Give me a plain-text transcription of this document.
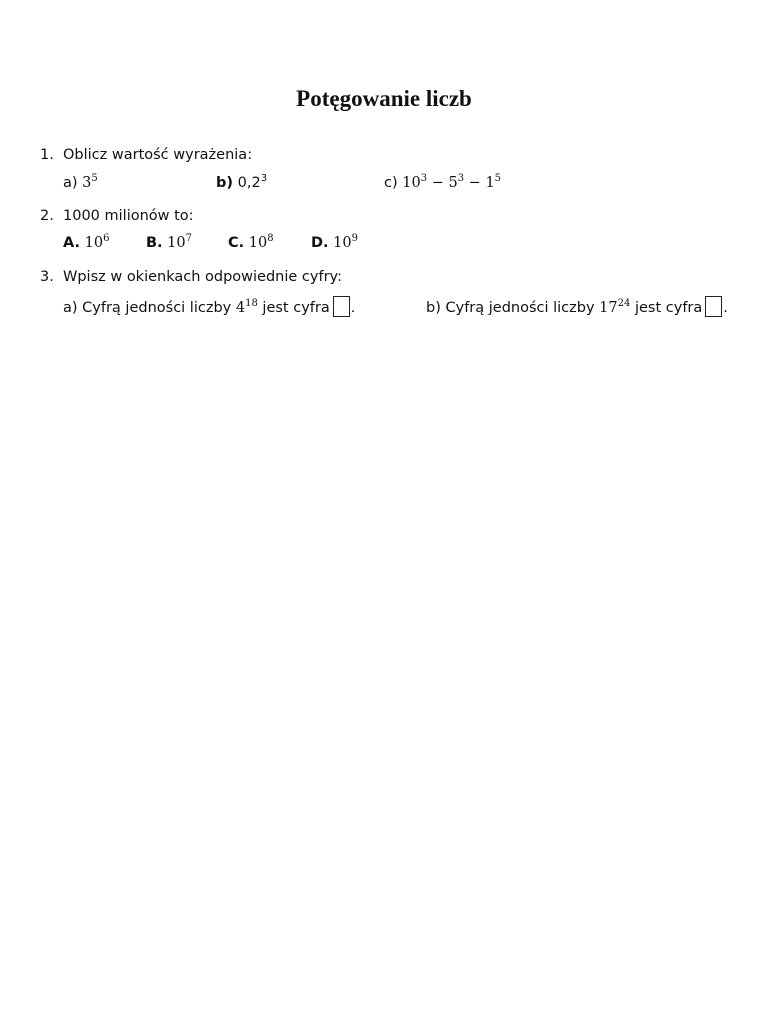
Potęgowanie liczb
1. Oblicz wartość wyrażenia:
a) $3^5$	b) $0,2^3$	c) $10^3 - 5^3 - 1^5$
2. 1000 milionów to:
A. $10^6$	B. $10^7$ C. $10^8$	D. $10^9$
3. Wpisz w okienkach odpowiednie cyfry:
a) Cyfrą jedności liczby $4^{18}$ jest cyfra .	b) Cyfrą jedności liczby $17^{24}$ jest cyfra .
